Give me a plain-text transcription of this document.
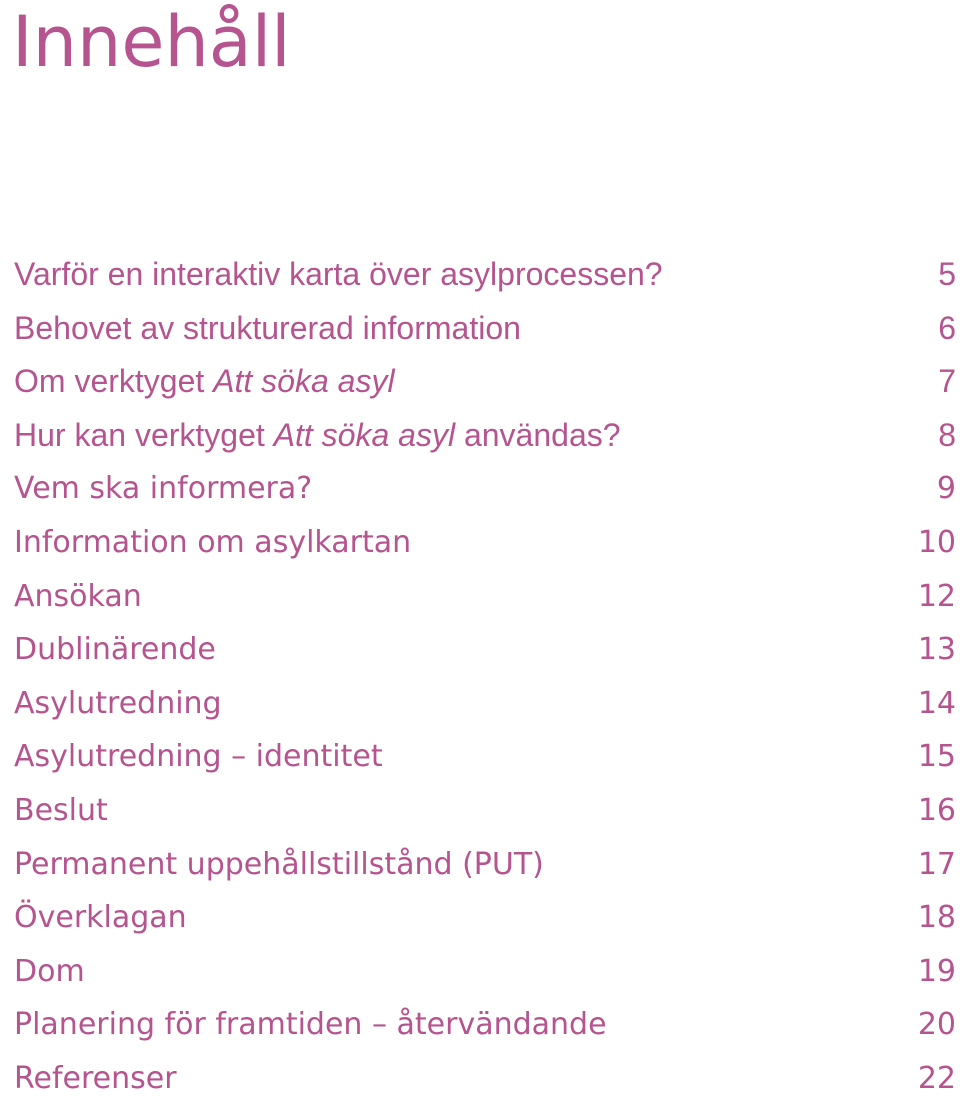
Innehåll
Varför en interaktiv karta över asylprocessen?	5
Behovet av strukturerad information	6
Om verktyget Att söka asyl	7
Hur kan verktyget Att söka asyl användas?	8
Vem ska informera?	9
Information om asylkartan	10
Ansökan	12
Dublinärende	13
Asylutredning	14
Asylutredning – identitet	15
Beslut	16
Permanent uppehållstillstånd (PUT)	17
Överklagan	18
Dom	19
Planering för framtiden – återvändande	20
Referenser	22
